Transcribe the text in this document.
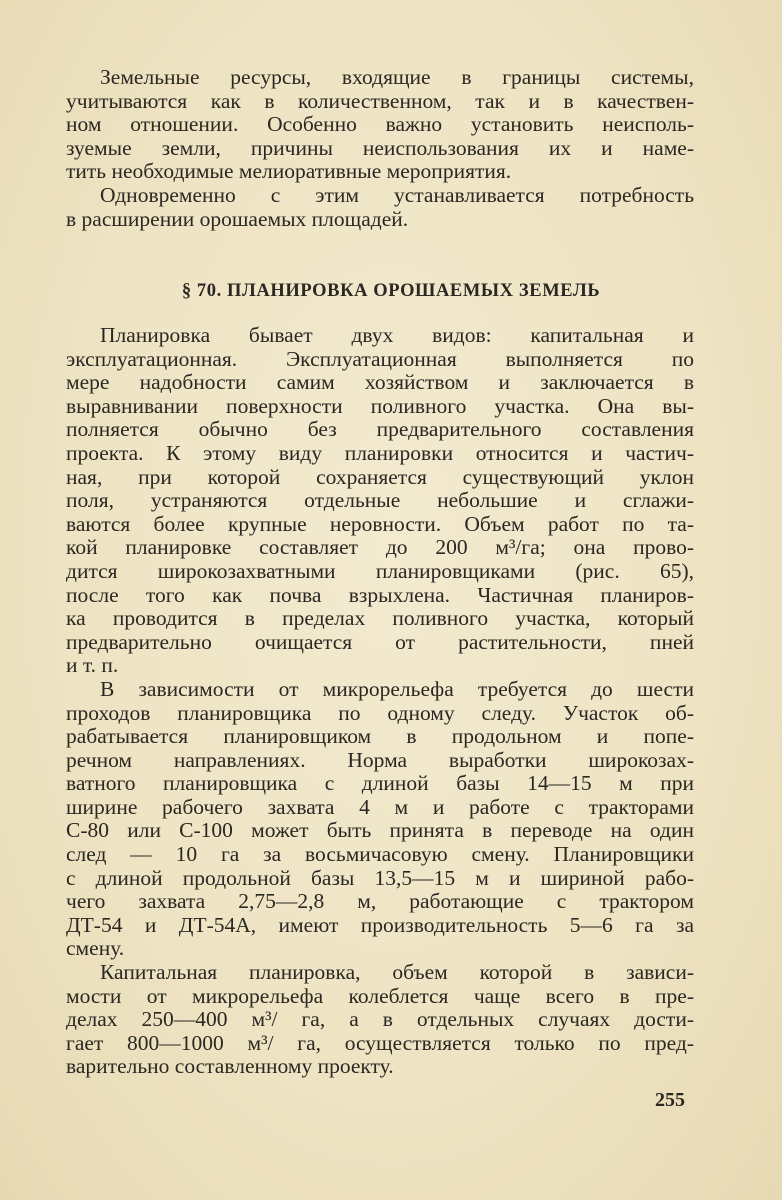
Земельные ресурсы, входящие в границы системы,
учитываются как в количественном, так и в качествен-
ном отношении. Особенно важно установить неисполь-
зуемые земли, причины неиспользования их и наме-
тить необходимые мелиоративные мероприятия.
Одновременно с этим устанавливается потребность
в расширении орошаемых площадей.
§ 70. ПЛАНИРОВКА ОРОШАЕМЫХ ЗЕМЕЛЬ
Планировка бывает двух видов: капитальная и
эксплуатационная. Эксплуатационная выполняется по
мере надобности самим хозяйством и заключается в
выравнивании поверхности поливного участка. Она вы-
полняется обычно без предварительного составления
проекта. К этому виду планировки относится и частич-
ная, при которой сохраняется существующий уклон
поля, устраняются отдельные небольшие и сглажи-
ваются более крупные неровности. Объем работ по та-
кой планировке составляет до 200 м³/га; она прово-
дится широкозахватными планировщиками (рис. 65),
после того как почва взрыхлена. Частичная планиров-
ка проводится в пределах поливного участка, который
предварительно очищается от растительности, пней
и т. п.
В зависимости от микрорельефа требуется до шести
проходов планировщика по одному следу. Участок об-
рабатывается планировщиком в продольном и попе-
речном направлениях. Норма выработки широкозах-
ватного планировщика с длиной базы 14—15 м при
ширине рабочего захвата 4 м и работе с тракторами
С-80 или С-100 может быть принята в переводе на один
след — 10 га за восьмичасовую смену. Планировщики
с длиной продольной базы 13,5—15 м и шириной рабо-
чего захвата 2,75—2,8 м, работающие с трактором
ДТ-54 и ДТ-54А, имеют производительность 5—6 га за
смену.
Капитальная планировка, объем которой в зависи-
мости от микрорельефа колеблется чаще всего в пре-
делах 250—400 м³/ га, а в отдельных случаях дости-
гает 800—1000 м³/ га, осуществляется только по пред-
варительно составленному проекту.
255
